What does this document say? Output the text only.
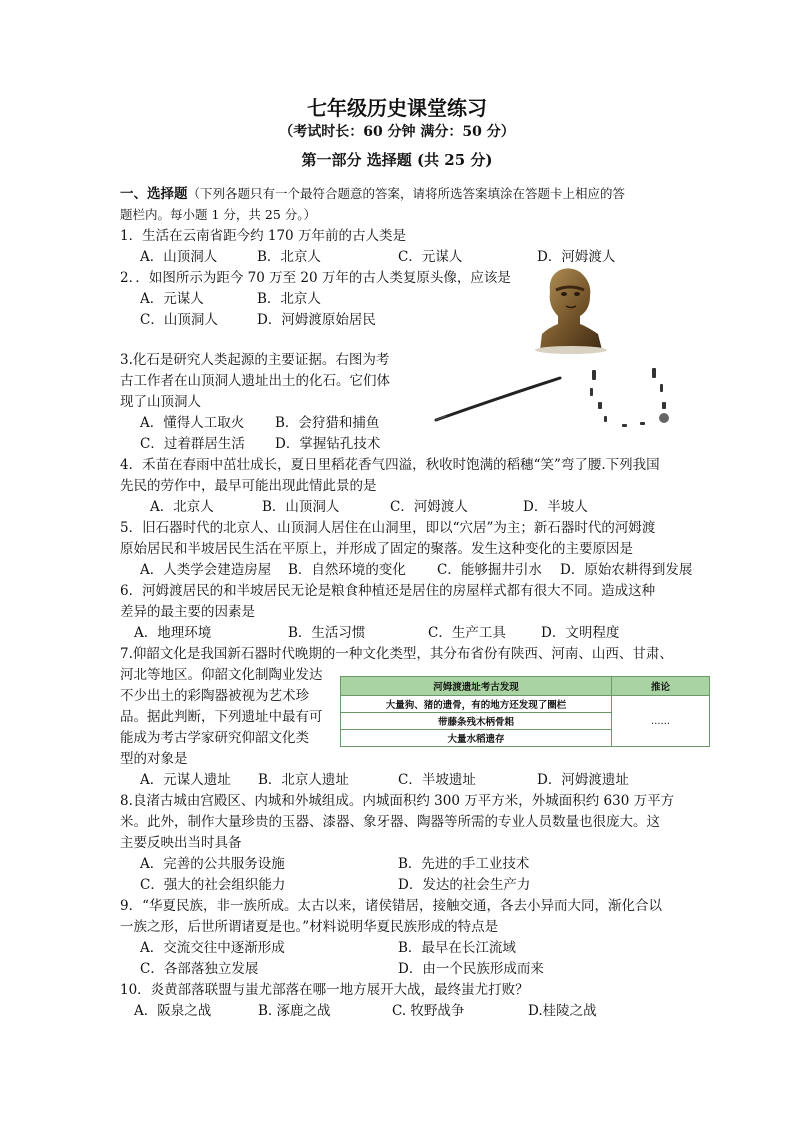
七年级历史课堂练习
（考试时长：60 分钟 满分：50 分）
第一部分 选择题 (共 25 分)
一、选择题（下列各题只有一个最符合题意的答案，请将所选答案填涂在答题卡上相应的答
题栏内。每小题 1 分，共 25 分。）
1．生活在云南省距今约 170 万年前的古人类是
A．山顶洞人	B．北京人	C．元谋人	D．河姆渡人
2．．如图所示为距今 70 万至 20 万年的古人类复原头像，应该是
A．元谋人	B．北京人
C．山顶洞人	D．河姆渡原始居民
3.化石是研究人类起源的主要证据。右图为考
古工作者在山顶洞人遗址出土的化石。它们体
现了山顶洞人
A．懂得人工取火 B．会狩猎和捕鱼
C．过着群居生活 D．掌握钻孔技术
4．禾苗在春雨中茁壮成长，夏日里稻花香气四溢，秋收时饱满的稻穗“笑”弯了腰.下列我国
先民的劳作中，最早可能出现此情此景的是
A．北京人	B．山顶洞人	C．河姆渡人	D．半坡人
5．旧石器时代的北京人、山顶洞人居住在山洞里，即以“穴居”为主；新石器时代的河姆渡
原始居民和半坡居民生活在平原上，并形成了固定的聚落。发生这种变化的主要原因是
A．人类学会建造房屋 B．自然环境的变化 C．能够掘井引水 D．原始农耕得到发展
6．河姆渡居民的和半坡居民无论是粮食种植还是居住的房屋样式都有很大不同。造成这种
差异的最主要的因素是
A．地理环境	B．生活习惯	C．生产工具	D．文明程度
7.仰韶文化是我国新石器时代晚期的一种文化类型，其分布省份有陕西、河南、山西、甘肃、
河北等地区。仰韶文化制陶业发达
不少出土的彩陶器被视为艺术珍
品。据此判断，下列遗址中最有可
能成为考古学家研究仰韶文化类
型的对象是
河姆渡遗址考古发现	推论
大量狗、猪的遗骨，有的地方还发现了圈栏	……
带藤条残木柄骨耜	
大量水稻遗存	
A．元谋人遗址 B．北京人遗址	C．半坡遗址	D．河姆渡遗址
8.良渚古城由宫殿区、内城和外城组成。内城面积约 300 万平方米，外城面积约 630 万平方
米。此外，制作大量珍贵的玉器、漆器、象牙器、陶器等所需的专业人员数量也很庞大。这
主要反映出当时具备
A．完善的公共服务设施	B．先进的手工业技术
C．强大的社会组织能力	D．发达的社会生产力
9．“华夏民族，非一族所成。太古以来，诸侯错居，接触交通，各去小异而大同，渐化合以
一族之形，后世所谓诸夏是也。”材料说明华夏民族形成的特点是
A．交流交往中逐渐形成	B．最早在长江流域
C．各部落独立发展	D．由一个民族形成而来
10．炎黄部落联盟与蚩尤部落在哪一地方展开大战，最终蚩尤打败？
A．阪泉之战	B. 涿鹿之战	C. 牧野战争	D.桂陵之战
